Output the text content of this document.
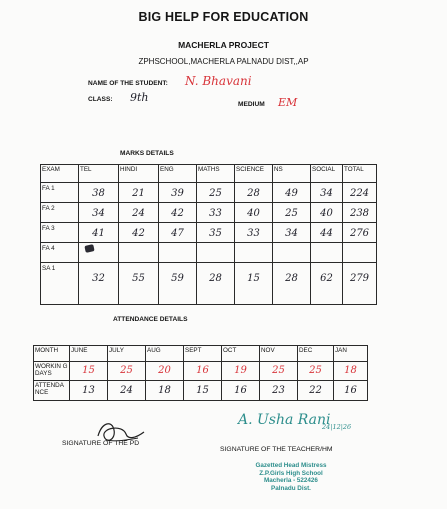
BIG HELP FOR EDUCATION
MACHERLA PROJECT
ZPHSCHOOL,MACHERLA PALNADU DIST,,AP
NAME OF THE STUDENT: N. Bhavani
CLASS: 9th
MEDIUM EM
MARKS DETAILS
EXAM	TEL	HINDI	ENG	MATHS	SCIENCE	NS	SOCIAL	TOTAL
FA 1	38	21	39	25	28	49	34	224

FA 2	34	24	42	33	40	25	40	238

FA 3	41	42	47	35	33	34	44	276

FA 4	

SA 1	32	55	59	28	15	28	62	279
ATTENDANCE DETAILS
MONTH	JUNE	JULY	AUG	SEPT	OCT	NOV	DEC	JAN
WORKIN G DAYS	15	25	20	16	19	25	25	18

ATTENDA NCE	13	24	18	15	16	23	22	16
SIGNATURE OF THE PD
A. Usha Rani
24|12|26
SIGNATURE OF THE TEACHER/HM
Gazetted Head Mistress
Z.P.Girls High School
Macherla - 522426
Palnadu Dist.
